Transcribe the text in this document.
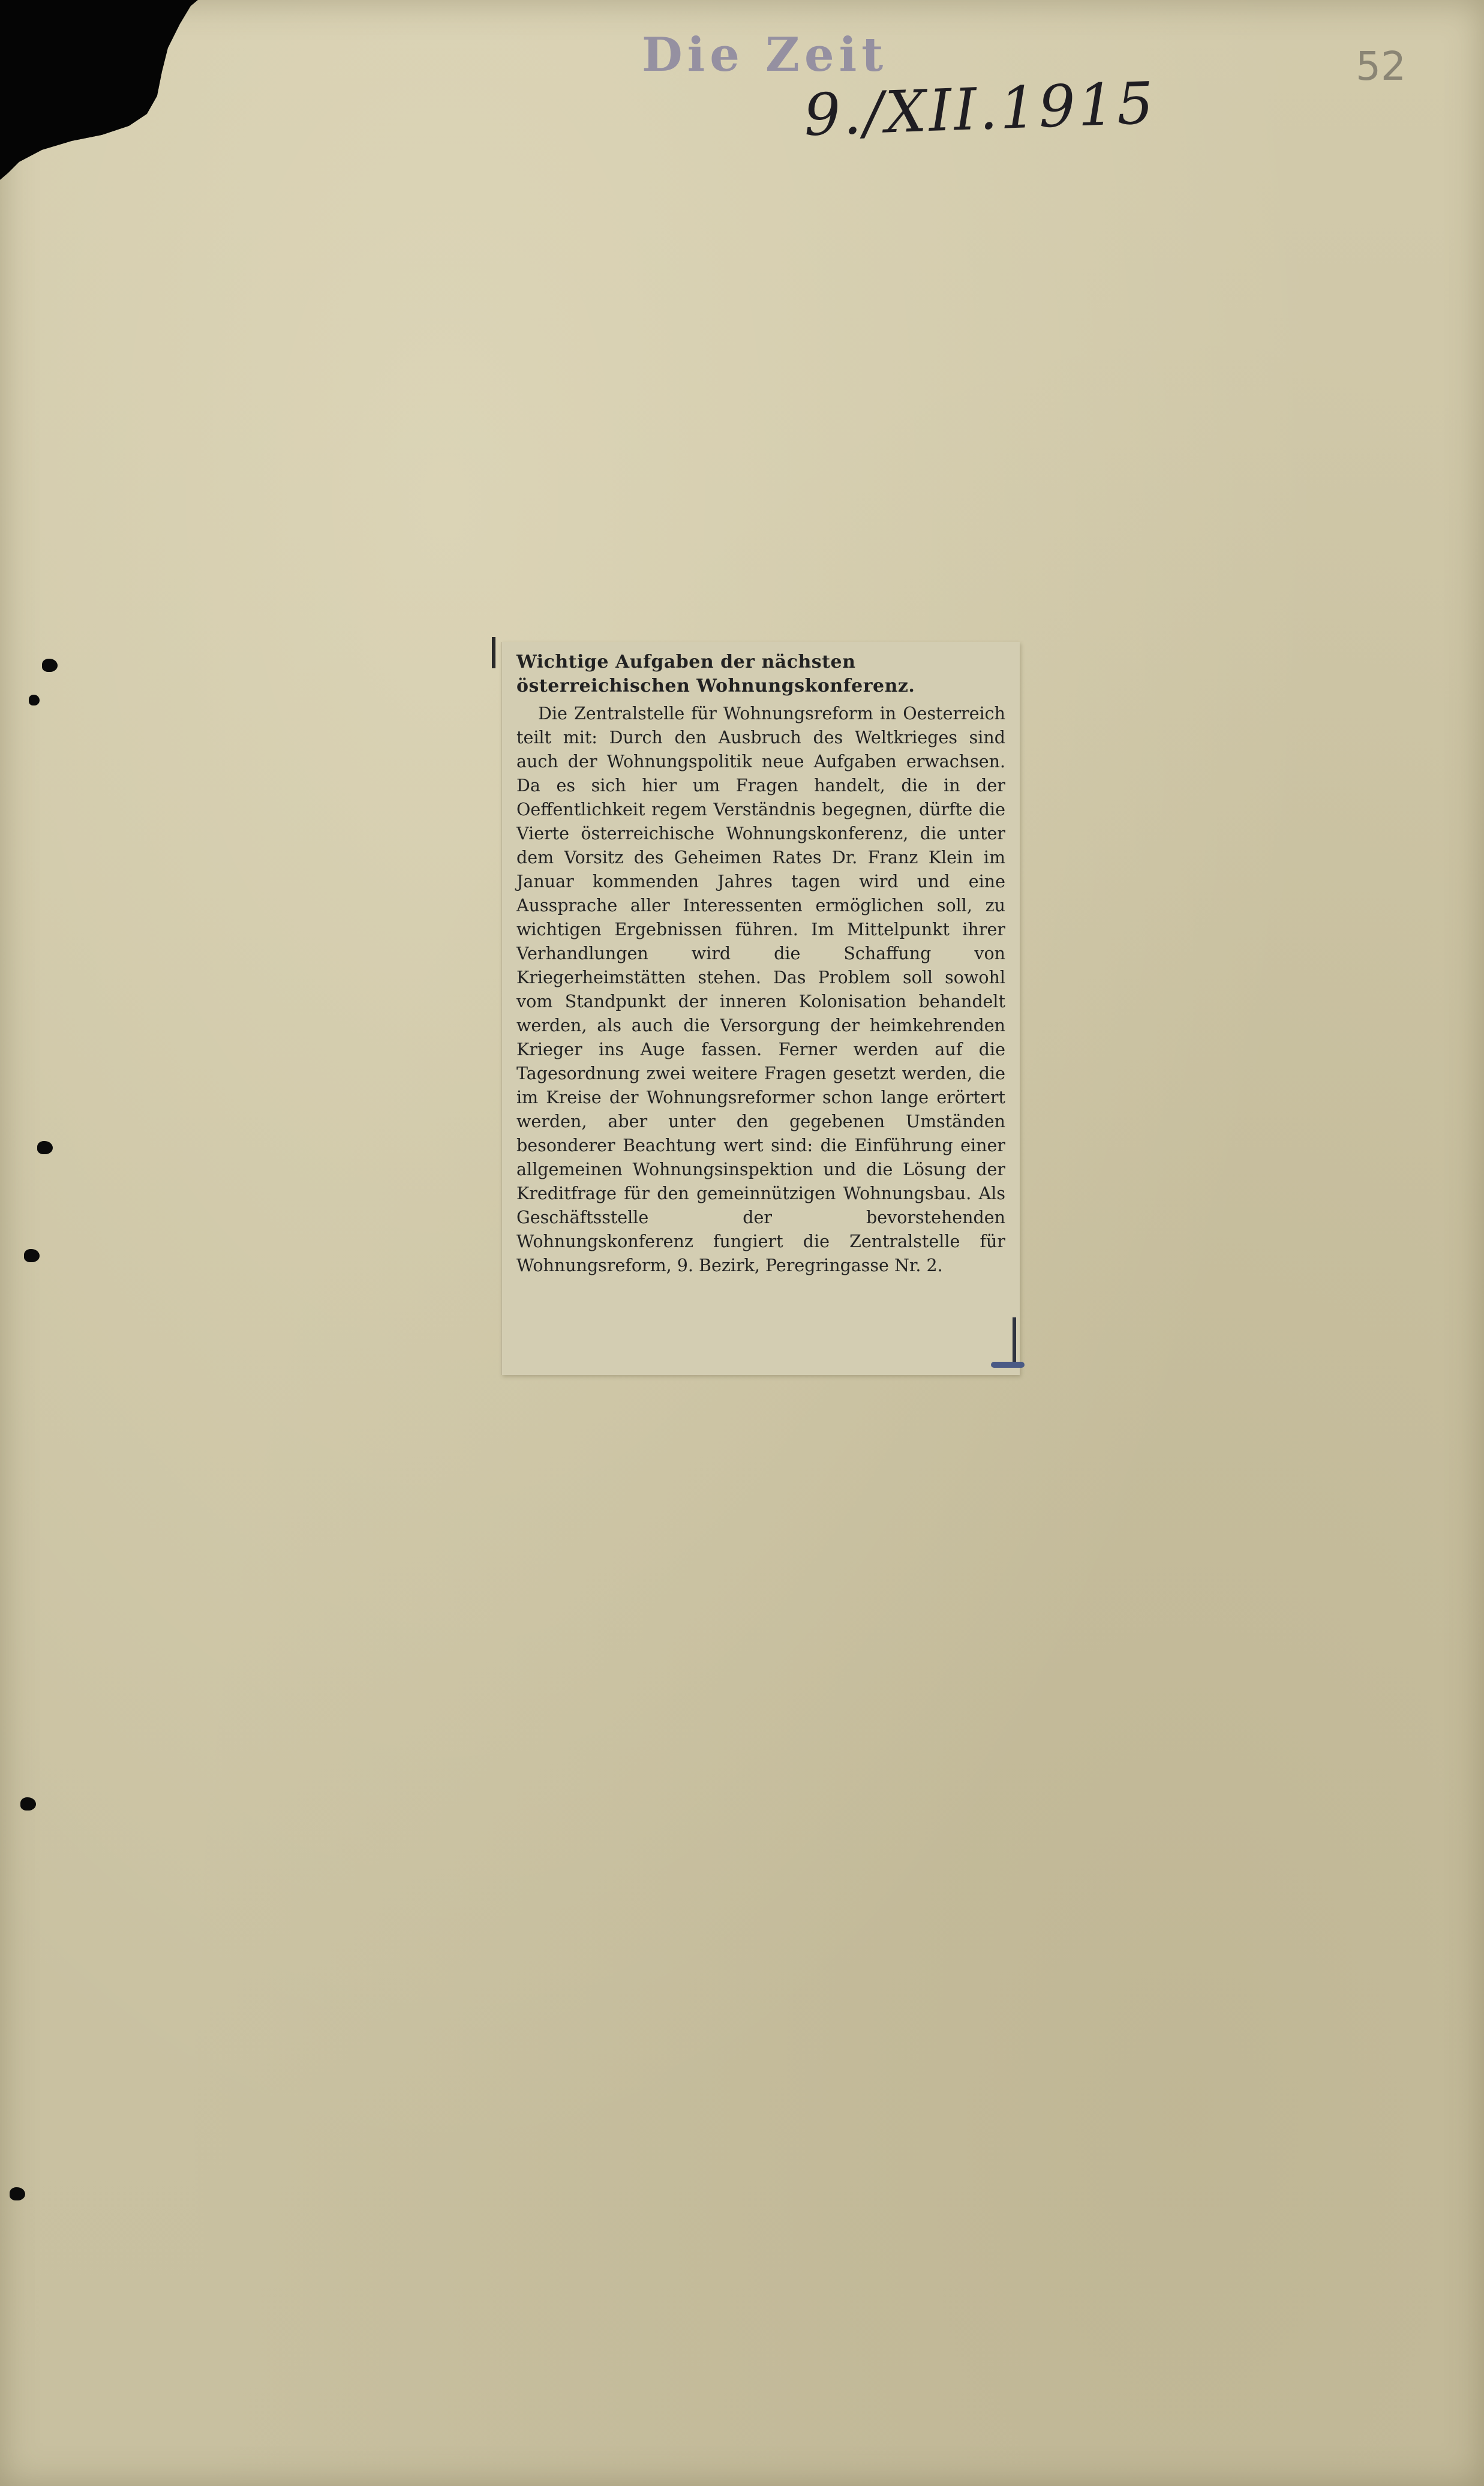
Die Zeit
9./XII.1915
52

Wichtige Aufgaben der nächsten österreichischen Wohnungskonferenz.

Die Zentralstelle für Wohnungsreform in Oesterreich teilt mit: Durch den Ausbruch des Weltkrieges sind auch der Wohnungspolitik neue Aufgaben erwachsen. Da es sich hier um Fragen handelt, die in der Oeffentlichkeit regem Verständnis begegnen, dürfte die Vierte österreichische Wohnungskonferenz, die unter dem Vorsitz des Geheimen Rates Dr. Franz Klein im Januar kommenden Jahres tagen wird und eine Aussprache aller Interessenten ermöglichen soll, zu wichtigen Ergebnissen führen. Im Mittelpunkt ihrer Verhandlungen wird die Schaffung von Kriegerheimstätten stehen. Das Problem soll sowohl vom Standpunkt der inneren Kolonisation behandelt werden, als auch die Versorgung der heimkehrenden Krieger ins Auge fassen. Ferner werden auf die Tagesordnung zwei weitere Fragen gesetzt werden, die im Kreise der Wohnungsreformer schon lange erörtert werden, aber unter den gegebenen Umständen besonderer Beachtung wert sind: die Einführung einer allgemeinen Wohnungsinspektion und die Lösung der Kreditfrage für den gemeinnützigen Wohnungsbau. Als Geschäftsstelle der bevorstehenden Wohnungskonferenz fungiert die Zentralstelle für Wohnungsreform, 9. Bezirk, Peregringasse Nr. 2.
